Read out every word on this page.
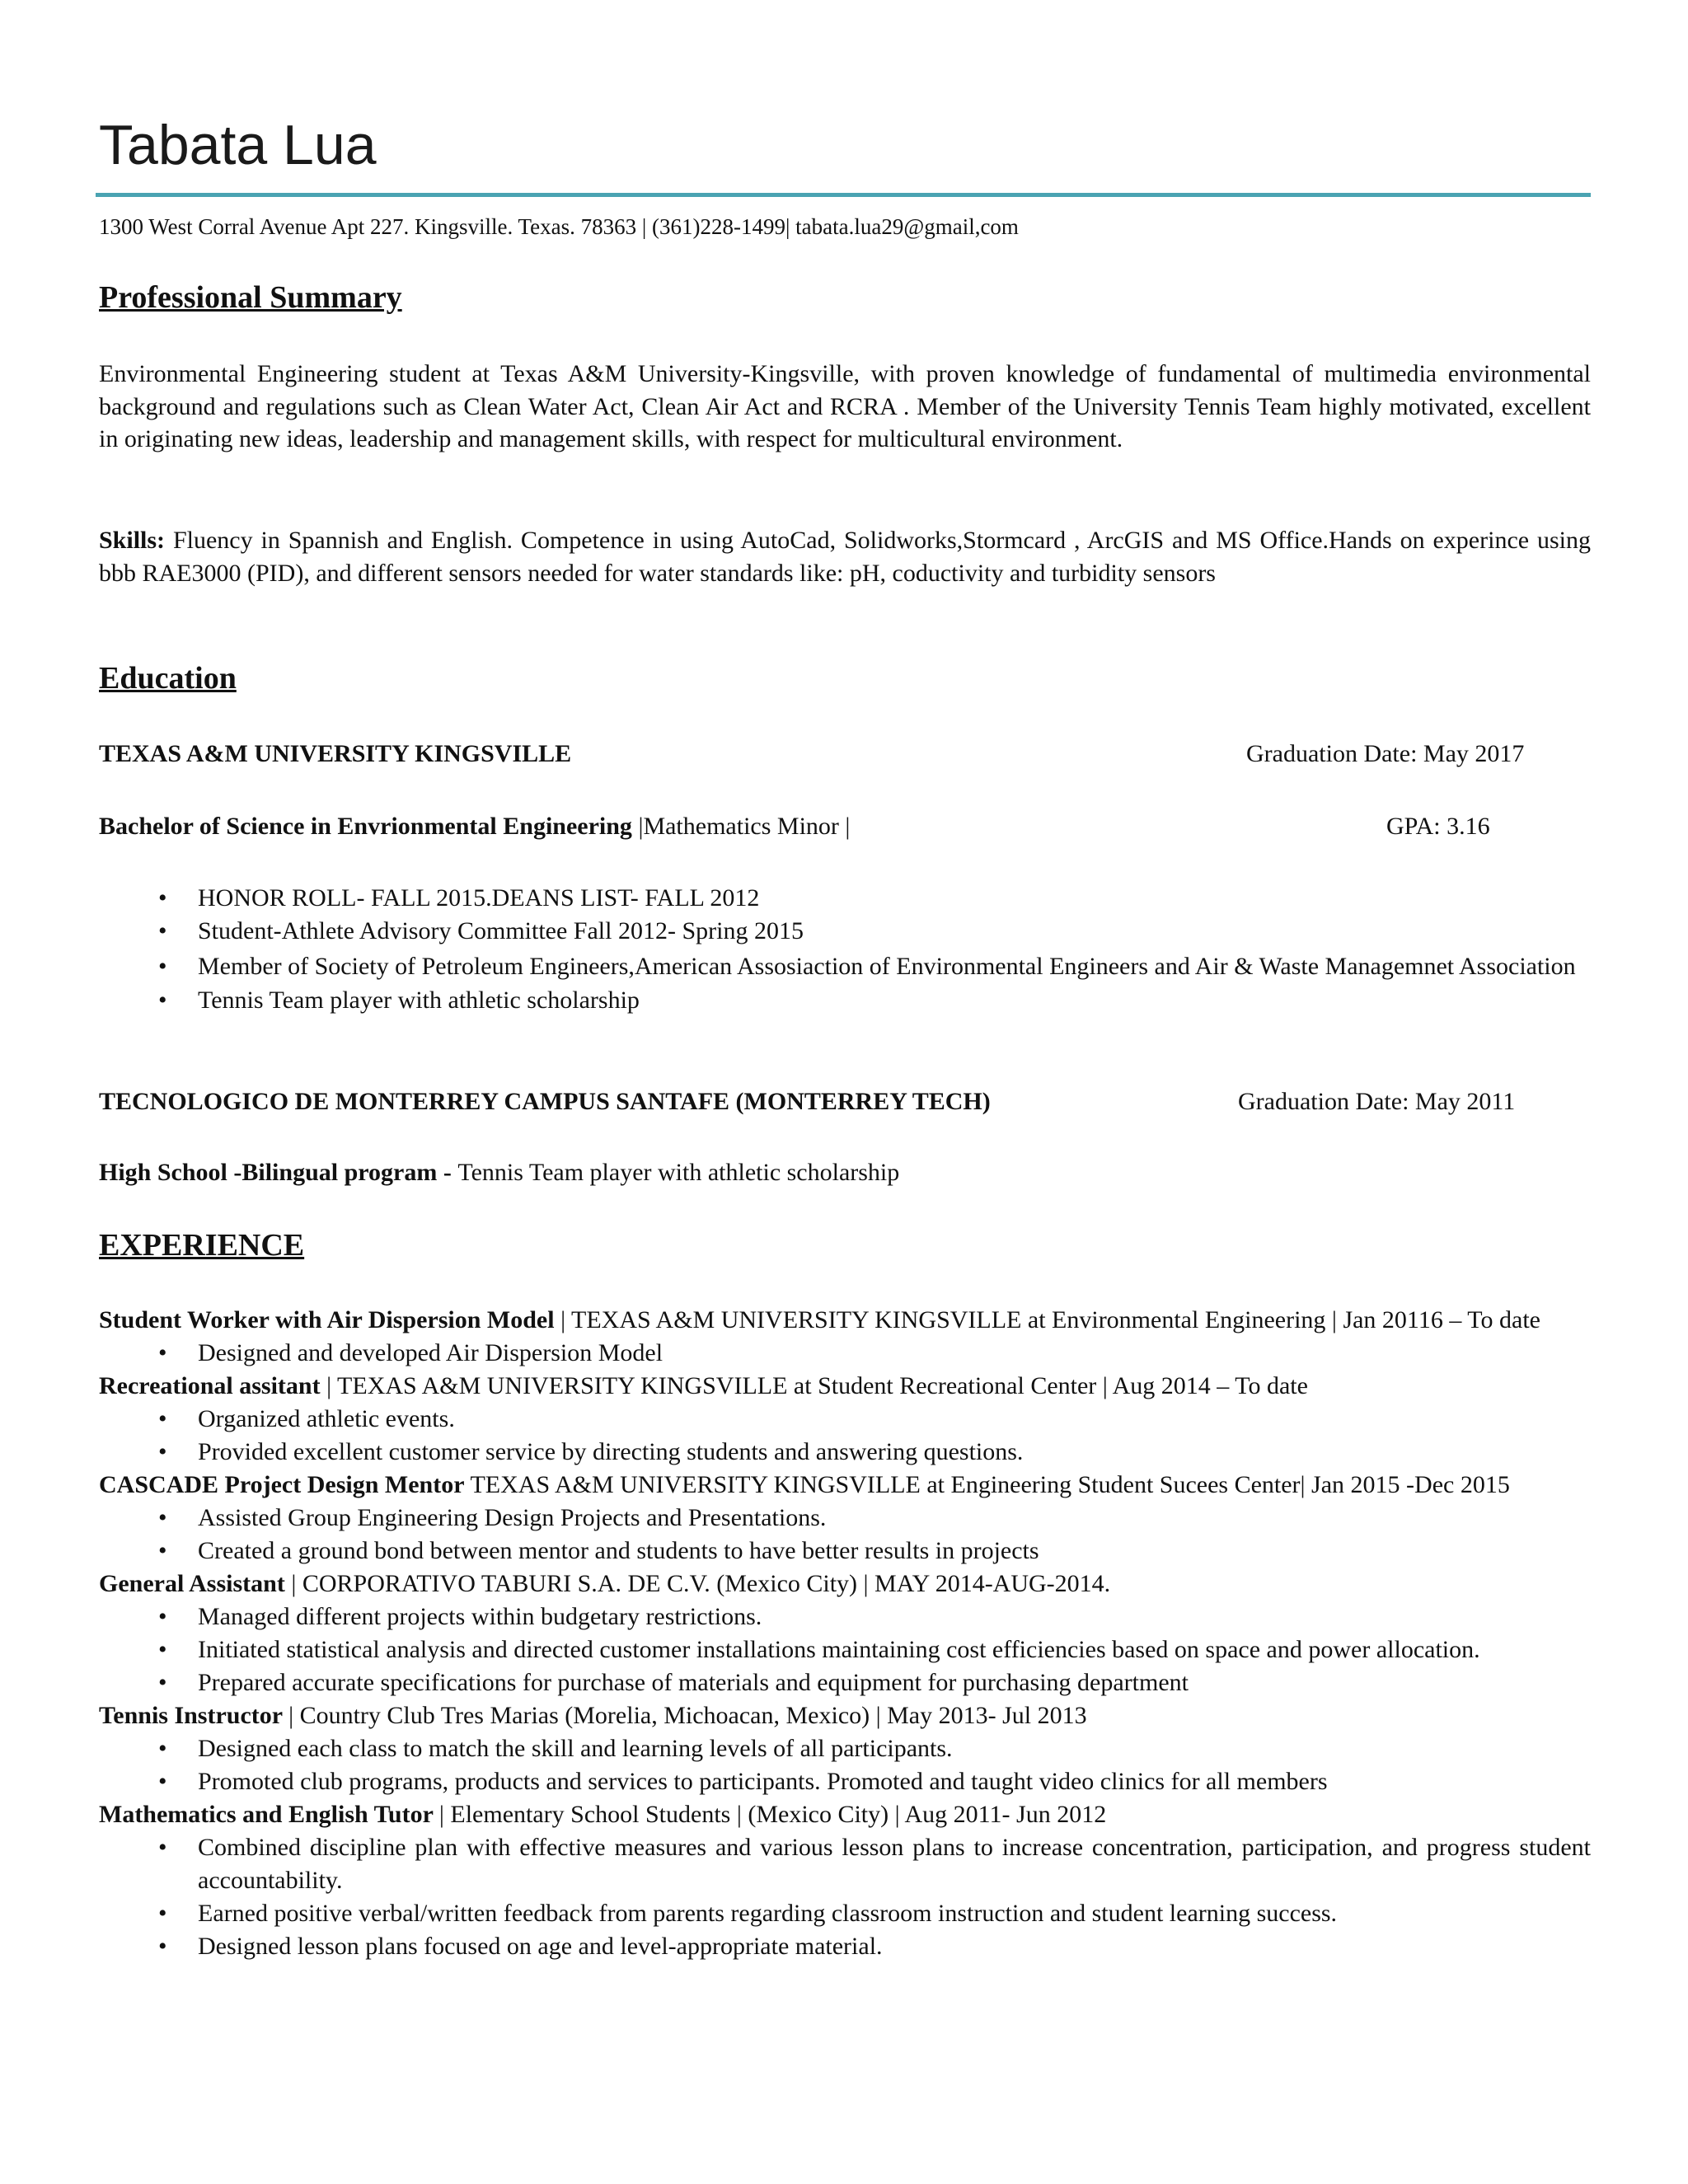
Tabata Lua
1300 West Corral Avenue Apt 227. Kingsville. Texas. 78363 | (361)228-1499| tabata.lua29@gmail,com
Professional Summary
Environmental Engineering student at Texas A&M University-Kingsville, with proven knowledge of fundamental of multimedia environmental background and regulations such as Clean Water Act, Clean Air Act and RCRA . Member of the University Tennis Team highly motivated, excellent in originating new ideas, leadership and management skills, with respect for multicultural environment.
Skills: Fluency in Spannish and English. Competence in using AutoCad, Solidworks,Stormcard , ArcGIS and MS Office.Hands on experince using bbb RAE3000 (PID), and different sensors needed for water standards like: pH, coductivity and turbidity sensors
Education
TEXAS A&M UNIVERSITY KINGSVILLE	Graduation Date: May 2017
Bachelor of Science in Envrionmental Engineering |Mathematics Minor |	GPA: 3.16
• HONOR ROLL- FALL 2015.DEANS LIST- FALL 2012
• Student-Athlete Advisory Committee Fall 2012- Spring 2015
• Member of Society of Petroleum Engineers,American Assosiaction of Environmental Engineers and Air & Waste Managemnet Association
• Tennis Team player with athletic scholarship
TECNOLOGICO DE MONTERREY CAMPUS SANTAFE (MONTERREY TECH)	Graduation Date: May 2011
High School -Bilingual program - Tennis Team player with athletic scholarship
EXPERIENCE
Student Worker with Air Dispersion Model | TEXAS A&M UNIVERSITY KINGSVILLE at Environmental Engineering | Jan 20116 – To date
• Designed and developed Air Dispersion Model
Recreational assitant | TEXAS A&M UNIVERSITY KINGSVILLE at Student Recreational Center | Aug 2014 – To date
• Organized athletic events.
• Provided excellent customer service by directing students and answering questions.
CASCADE Project Design Mentor TEXAS A&M UNIVERSITY KINGSVILLE at Engineering Student Sucees Center| Jan 2015 -Dec 2015
• Assisted Group Engineering Design Projects and Presentations.
• Created a ground bond between mentor and students to have better results in projects
General Assistant | CORPORATIVO TABURI S.A. DE C.V. (Mexico City) | MAY 2014-AUG-2014.
• Managed different projects within budgetary restrictions.
• Initiated statistical analysis and directed customer installations maintaining cost efficiencies based on space and power allocation.
• Prepared accurate specifications for purchase of materials and equipment for purchasing department
Tennis Instructor | Country Club Tres Marias (Morelia, Michoacan, Mexico) | May 2013- Jul 2013
• Designed each class to match the skill and learning levels of all participants.
• Promoted club programs, products and services to participants. Promoted and taught video clinics for all members
Mathematics and English Tutor | Elementary School Students | (Mexico City) | Aug 2011- Jun 2012
• Combined discipline plan with effective measures and various lesson plans to increase concentration, participation, and progress student accountability.
• Earned positive verbal/written feedback from parents regarding classroom instruction and student learning success.
• Designed lesson plans focused on age and level-appropriate material.
